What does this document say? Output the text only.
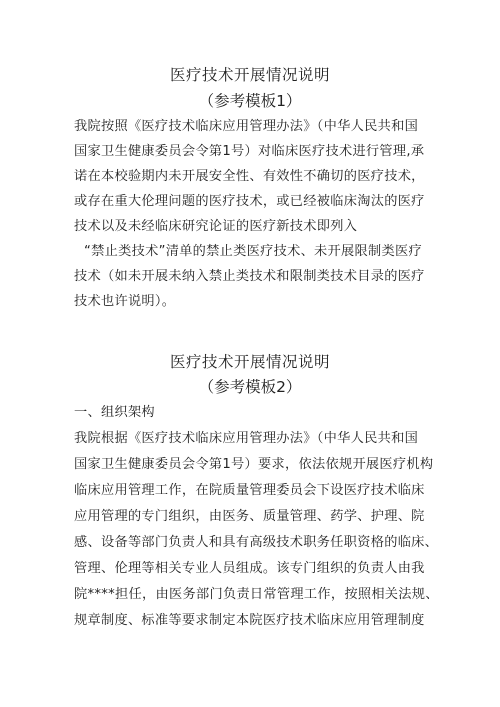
医疗技术开展情况说明
（参考模板1）
我院按照《医疗技术临床应用管理办法》（中华人民共和国
国家卫生健康委员会令第1号）对临床医疗技术进行管理,承
诺在本校验期内未开展安全性、有效性不确切的医疗技术，
或存在重大伦理问题的医疗技术，或已经被临床淘汰的医疗
技术以及未经临床研究论证的医疗新技术即列入
“禁止类技术”清单的禁止类医疗技术、未开展限制类医疗
技术（如未开展未纳入禁止类技术和限制类技术目录的医疗
技术也许说明）。
医疗技术开展情况说明
（参考模板2）
一、组织架构
我院根据《医疗技术临床应用管理办法》（中华人民共和国
国家卫生健康委员会令第1号）要求，依法依规开展医疗机构
临床应用管理工作，在院质量管理委员会下设医疗技术临床
应用管理的专门组织，由医务、质量管理、药学、护理、院
感、设备等部门负责人和具有高级技术职务任职资格的临床、
管理、伦理等相关专业人员组成。该专门组织的负责人由我
院****担任，由医务部门负责日常管理工作，按照相关法规、
规章制度、标准等要求制定本院医疗技术临床应用管理制度
